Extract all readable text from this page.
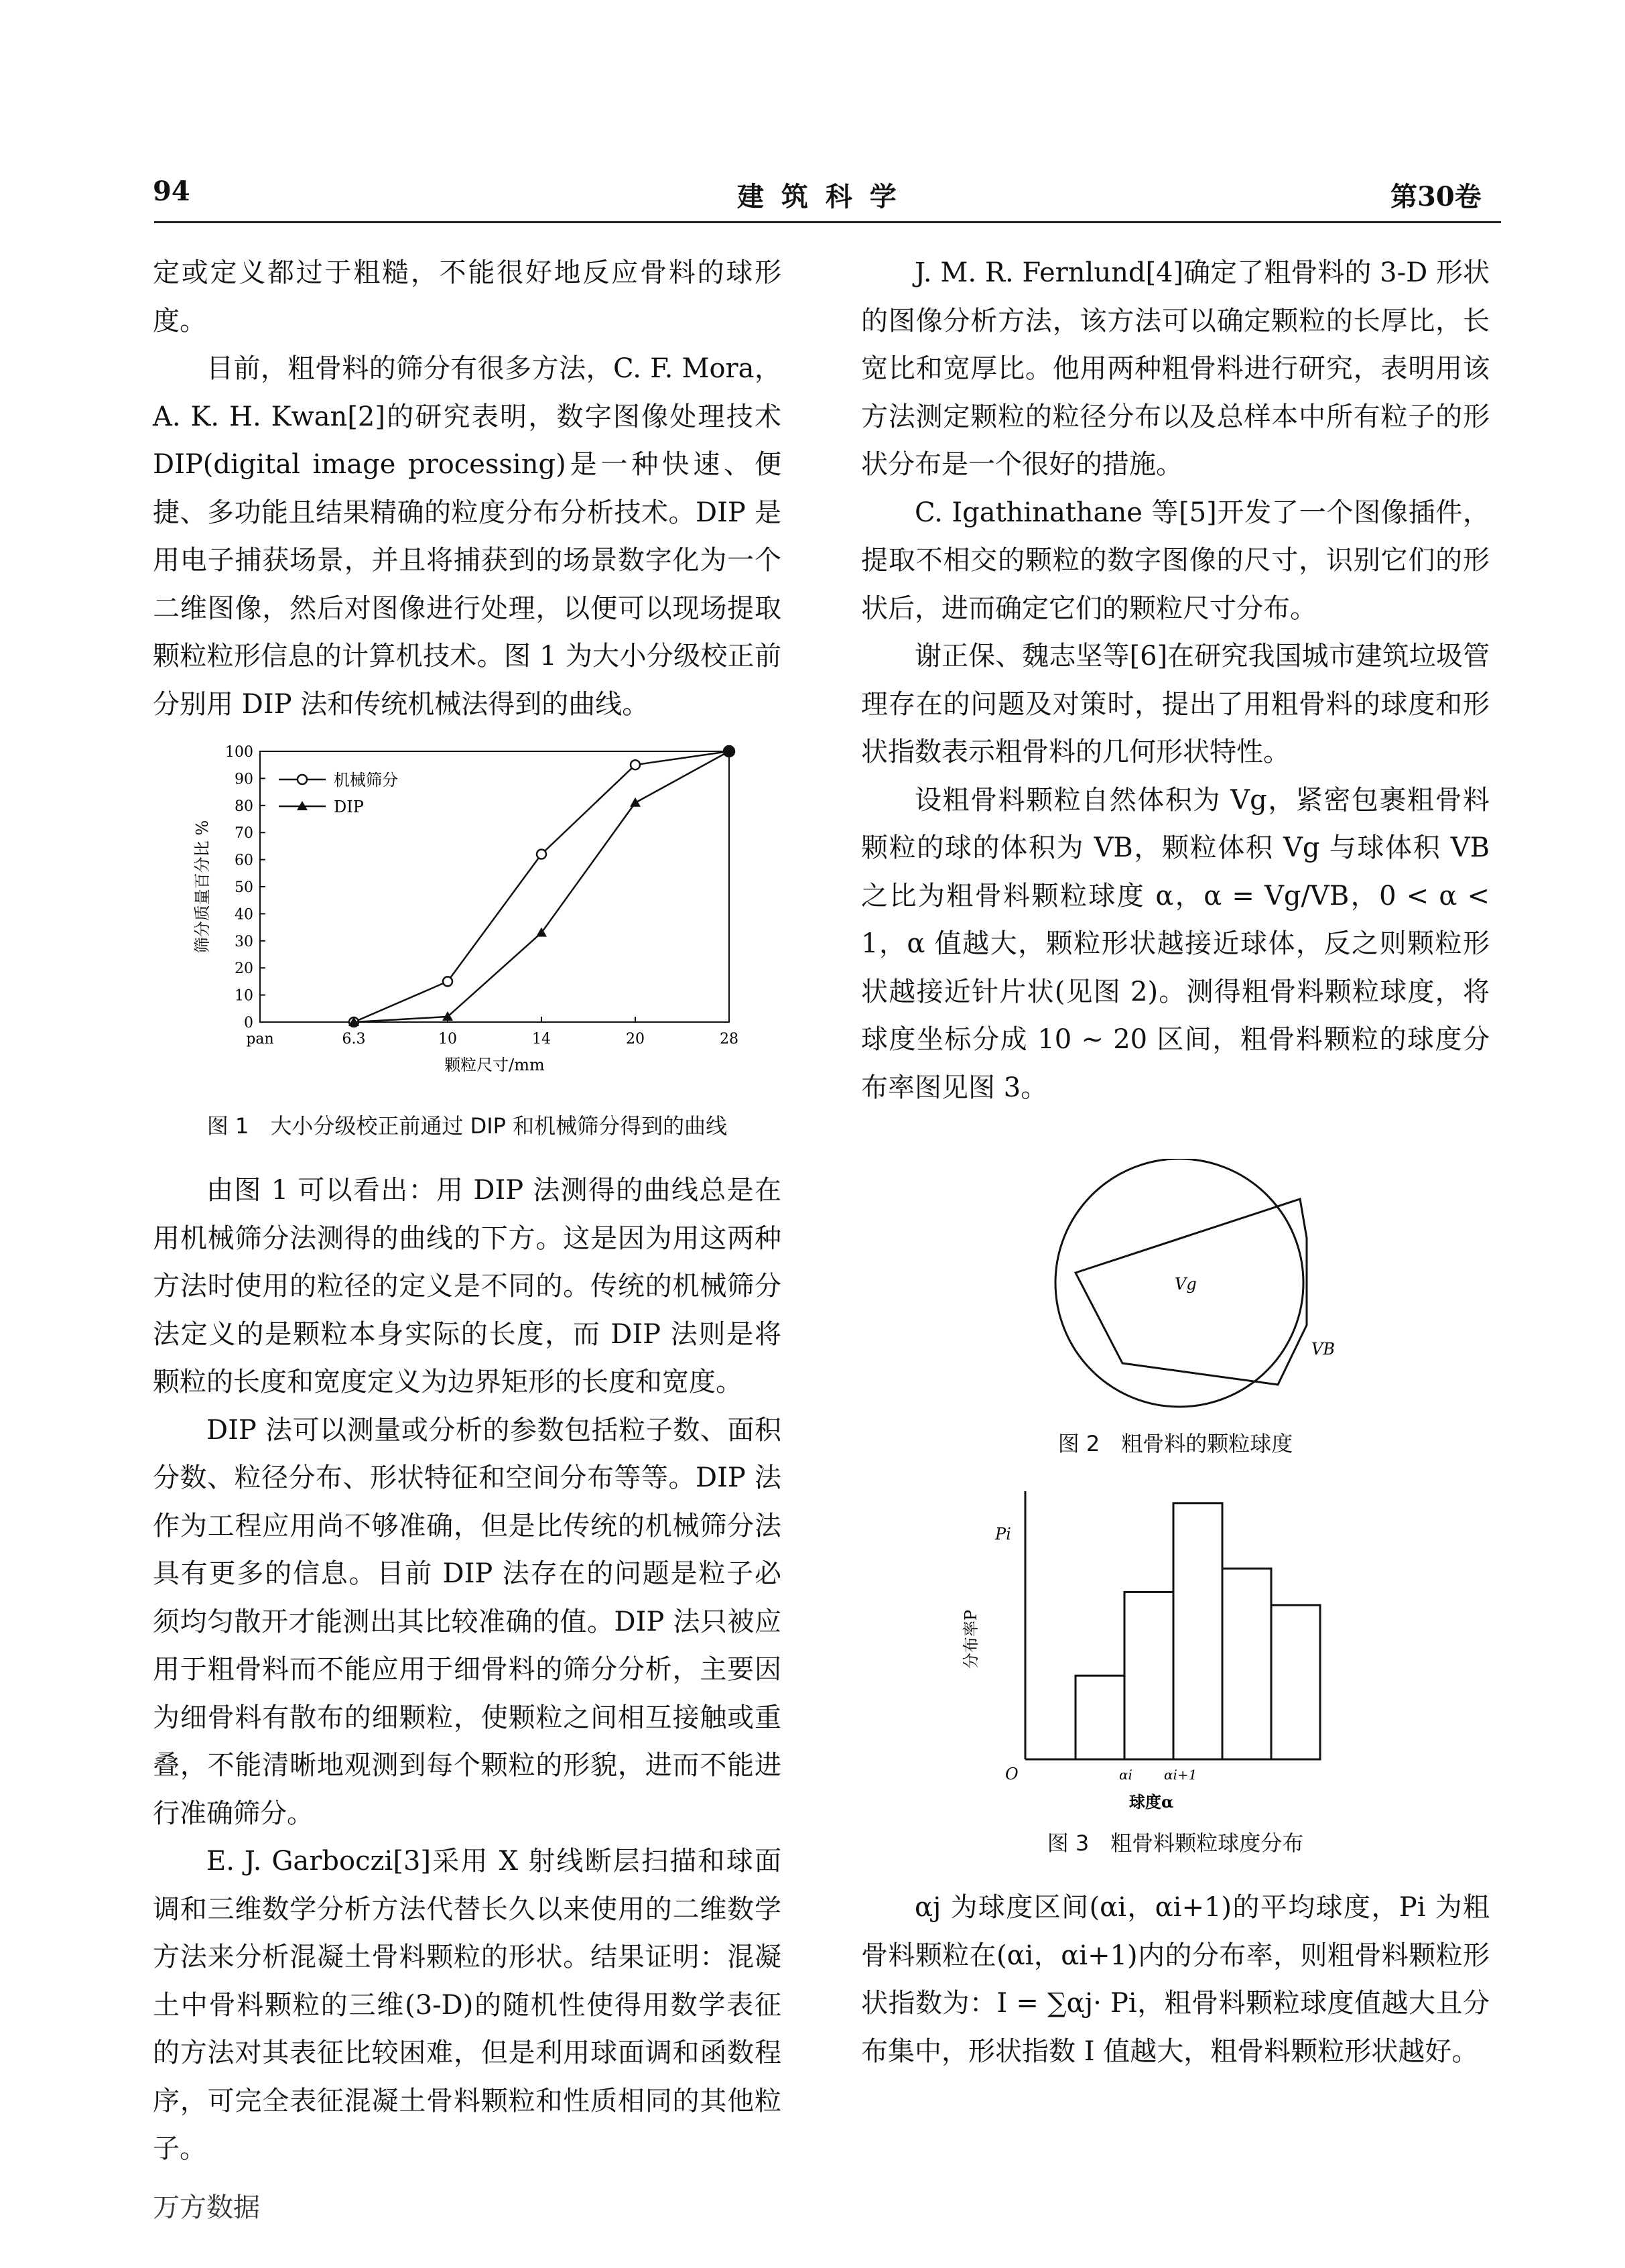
94	建 筑 科 学	第30卷

定或定义都过于粗糙，不能很好地反应骨料的球形度。

目前，粗骨料的筛分有很多方法，C. F. Mora，A. K. H. Kwan[2]的研究表明，数字图像处理技术 DIP(digital image processing)是一种快速、便捷、多功能且结果精确的粒度分布分析技术。DIP 是用电子捕获场景，并且将捕获到的场景数字化为一个二维图像，然后对图像进行处理，以便可以现场提取颗粒粒形信息的计算机技术。图 1 为大小分级校正前分别用 DIP 法和传统机械法得到的曲线。

0
10
20
30
40
50
60
70
80
90
100
pan	6.3	10	14	20	28
颗粒尺寸/mm
筛分质量百分比 %
机械筛分
DIP

图 1　大小分级校正前通过 DIP 和机械筛分得到的曲线

由图 1 可以看出：用 DIP 法测得的曲线总是在用机械筛分法测得的曲线的下方。这是因为用这两种方法时使用的粒径的定义是不同的。传统的机械筛分法定义的是颗粒本身实际的长度，而 DIP 法则是将颗粒的长度和宽度定义为边界矩形的长度和宽度。

DIP 法可以测量或分析的参数包括粒子数、面积分数、粒径分布、形状特征和空间分布等等。DIP 法作为工程应用尚不够准确，但是比传统的机械筛分法具有更多的信息。目前 DIP 法存在的问题是粒子必须均匀散开才能测出其比较准确的值。DIP 法只被应用于粗骨料而不能应用于细骨料的筛分分析，主要因为细骨料有散布的细颗粒，使颗粒之间相互接触或重叠，不能清晰地观测到每个颗粒的形貌，进而不能进行准确筛分。

E. J. Garboczi[3]采用 X 射线断层扫描和球面调和三维数学分析方法代替长久以来使用的二维数学方法来分析混凝土骨料颗粒的形状。结果证明：混凝土中骨料颗粒的三维(3-D)的随机性使得用数学表征的方法对其表征比较困难，但是利用球面调和函数程序，可完全表征混凝土骨料颗粒和性质相同的其他粒子。

J. M. R. Fernlund[4]确定了粗骨料的 3-D 形状的图像分析方法，该方法可以确定颗粒的长厚比，长宽比和宽厚比。他用两种粗骨料进行研究，表明用该方法测定颗粒的粒径分布以及总样本中所有粒子的形状分布是一个很好的措施。

C. Igathinathane 等[5]开发了一个图像插件，提取不相交的颗粒的数字图像的尺寸，识别它们的形状后，进而确定它们的颗粒尺寸分布。

谢正保、魏志坚等[6]在研究我国城市建筑垃圾管理存在的问题及对策时，提出了用粗骨料的球度和形状指数表示粗骨料的几何形状特性。

设粗骨料颗粒自然体积为 Vg，紧密包裹粗骨料颗粒的球的体积为 VB，颗粒体积 Vg 与球体积 VB 之比为粗骨料颗粒球度 α，α = Vg/VB，0 < α < 1，α 值越大，颗粒形状越接近球体，反之则颗粒形状越接近针片状(见图 2)。测得粗骨料颗粒球度，将球度坐标分成 10 ~ 20 区间，粗骨料颗粒的球度分布率图见图 3。

Vg
VB

图 2　粗骨料的颗粒球度

Pi
分布率P
O	αi αi+1
球度α

图 3　粗骨料颗粒球度分布

αj 为球度区间(αi，αi+1)的平均球度，Pi 为粗骨料颗粒在(αi，αi+1)内的分布率，则粗骨料颗粒形状指数为：I = ∑αj· Pi，粗骨料颗粒球度值越大且分布集中，形状指数 I 值越大，粗骨料颗粒形状越好。

万方数据
